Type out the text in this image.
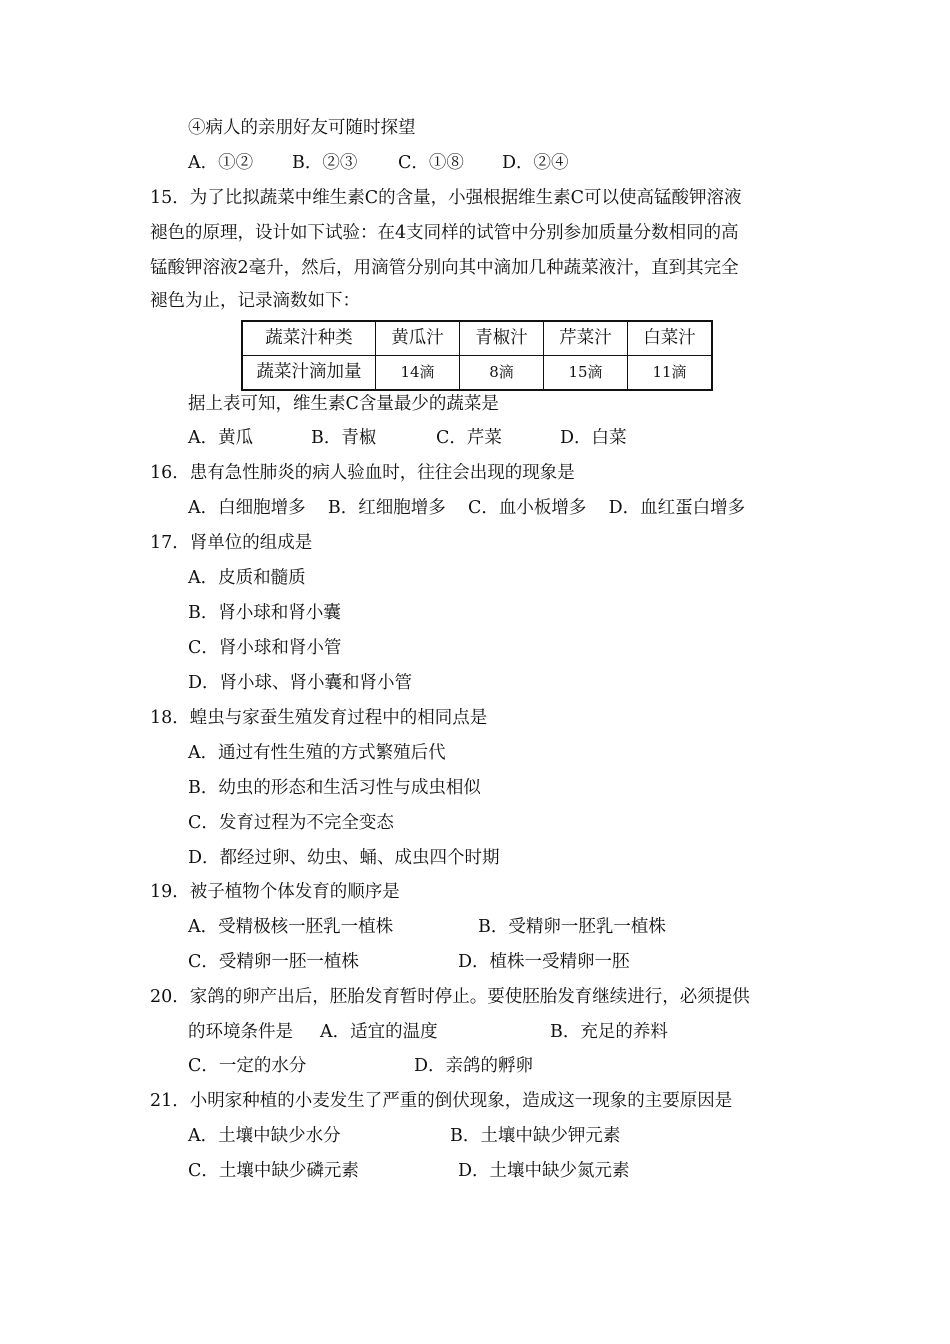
④病人的亲朋好友可随时探望
A．①② B．②③ C．①⑧ D．②④
15．为了比拟蔬菜中维生素C的含量，小强根据维生素C可以使高锰酸钾溶液
褪色的原理，设计如下试验：在4支同样的试管中分别参加质量分数相同的高
锰酸钾溶液2毫升，然后，用滴管分别向其中滴加几种蔬菜液汁，直到其完全
褪色为止，记录滴数如下：
蔬菜汁种类	黄瓜汁	青椒汁	芹菜汁	白菜汁
蔬菜汁滴加量	14滴	8滴	15滴	11滴
据上表可知，维生素C含量最少的蔬菜是
A．黄瓜	B．青椒	C．芹菜	D．白菜
16．患有急性肺炎的病人验血时，往往会出现的现象是
A．白细胞增多    B．红细胞增多    C．血小板增多    D．血红蛋白增多
17．肾单位的组成是
A．皮质和髓质
B．肾小球和肾小囊
C．肾小球和肾小管
D．肾小球、肾小囊和肾小管
18．蝗虫与家蚕生殖发育过程中的相同点是
A．通过有性生殖的方式繁殖后代
B．幼虫的形态和生活习性与成虫相似
C．发育过程为不完全变态
D．都经过卵、幼虫、蛹、成虫四个时期
19．被子植物个体发育的顺序是
A．受精极核一胚乳一植株	B．受精卵一胚乳一植株
C．受精卵一胚一植株	D．植株一受精卵一胚
20．家鸽的卵产出后，胚胎发育暂时停止。要使胚胎发育继续进行，必须提供
的环境条件是 A．适宜的温度	B．充足的养料
C．一定的水分	D．亲鸽的孵卵
21．小明家种植的小麦发生了严重的倒伏现象，造成这一现象的主要原因是
A．土壤中缺少水分	B．土壤中缺少钾元素
C．土壤中缺少磷元素	D．土壤中缺少氮元素
